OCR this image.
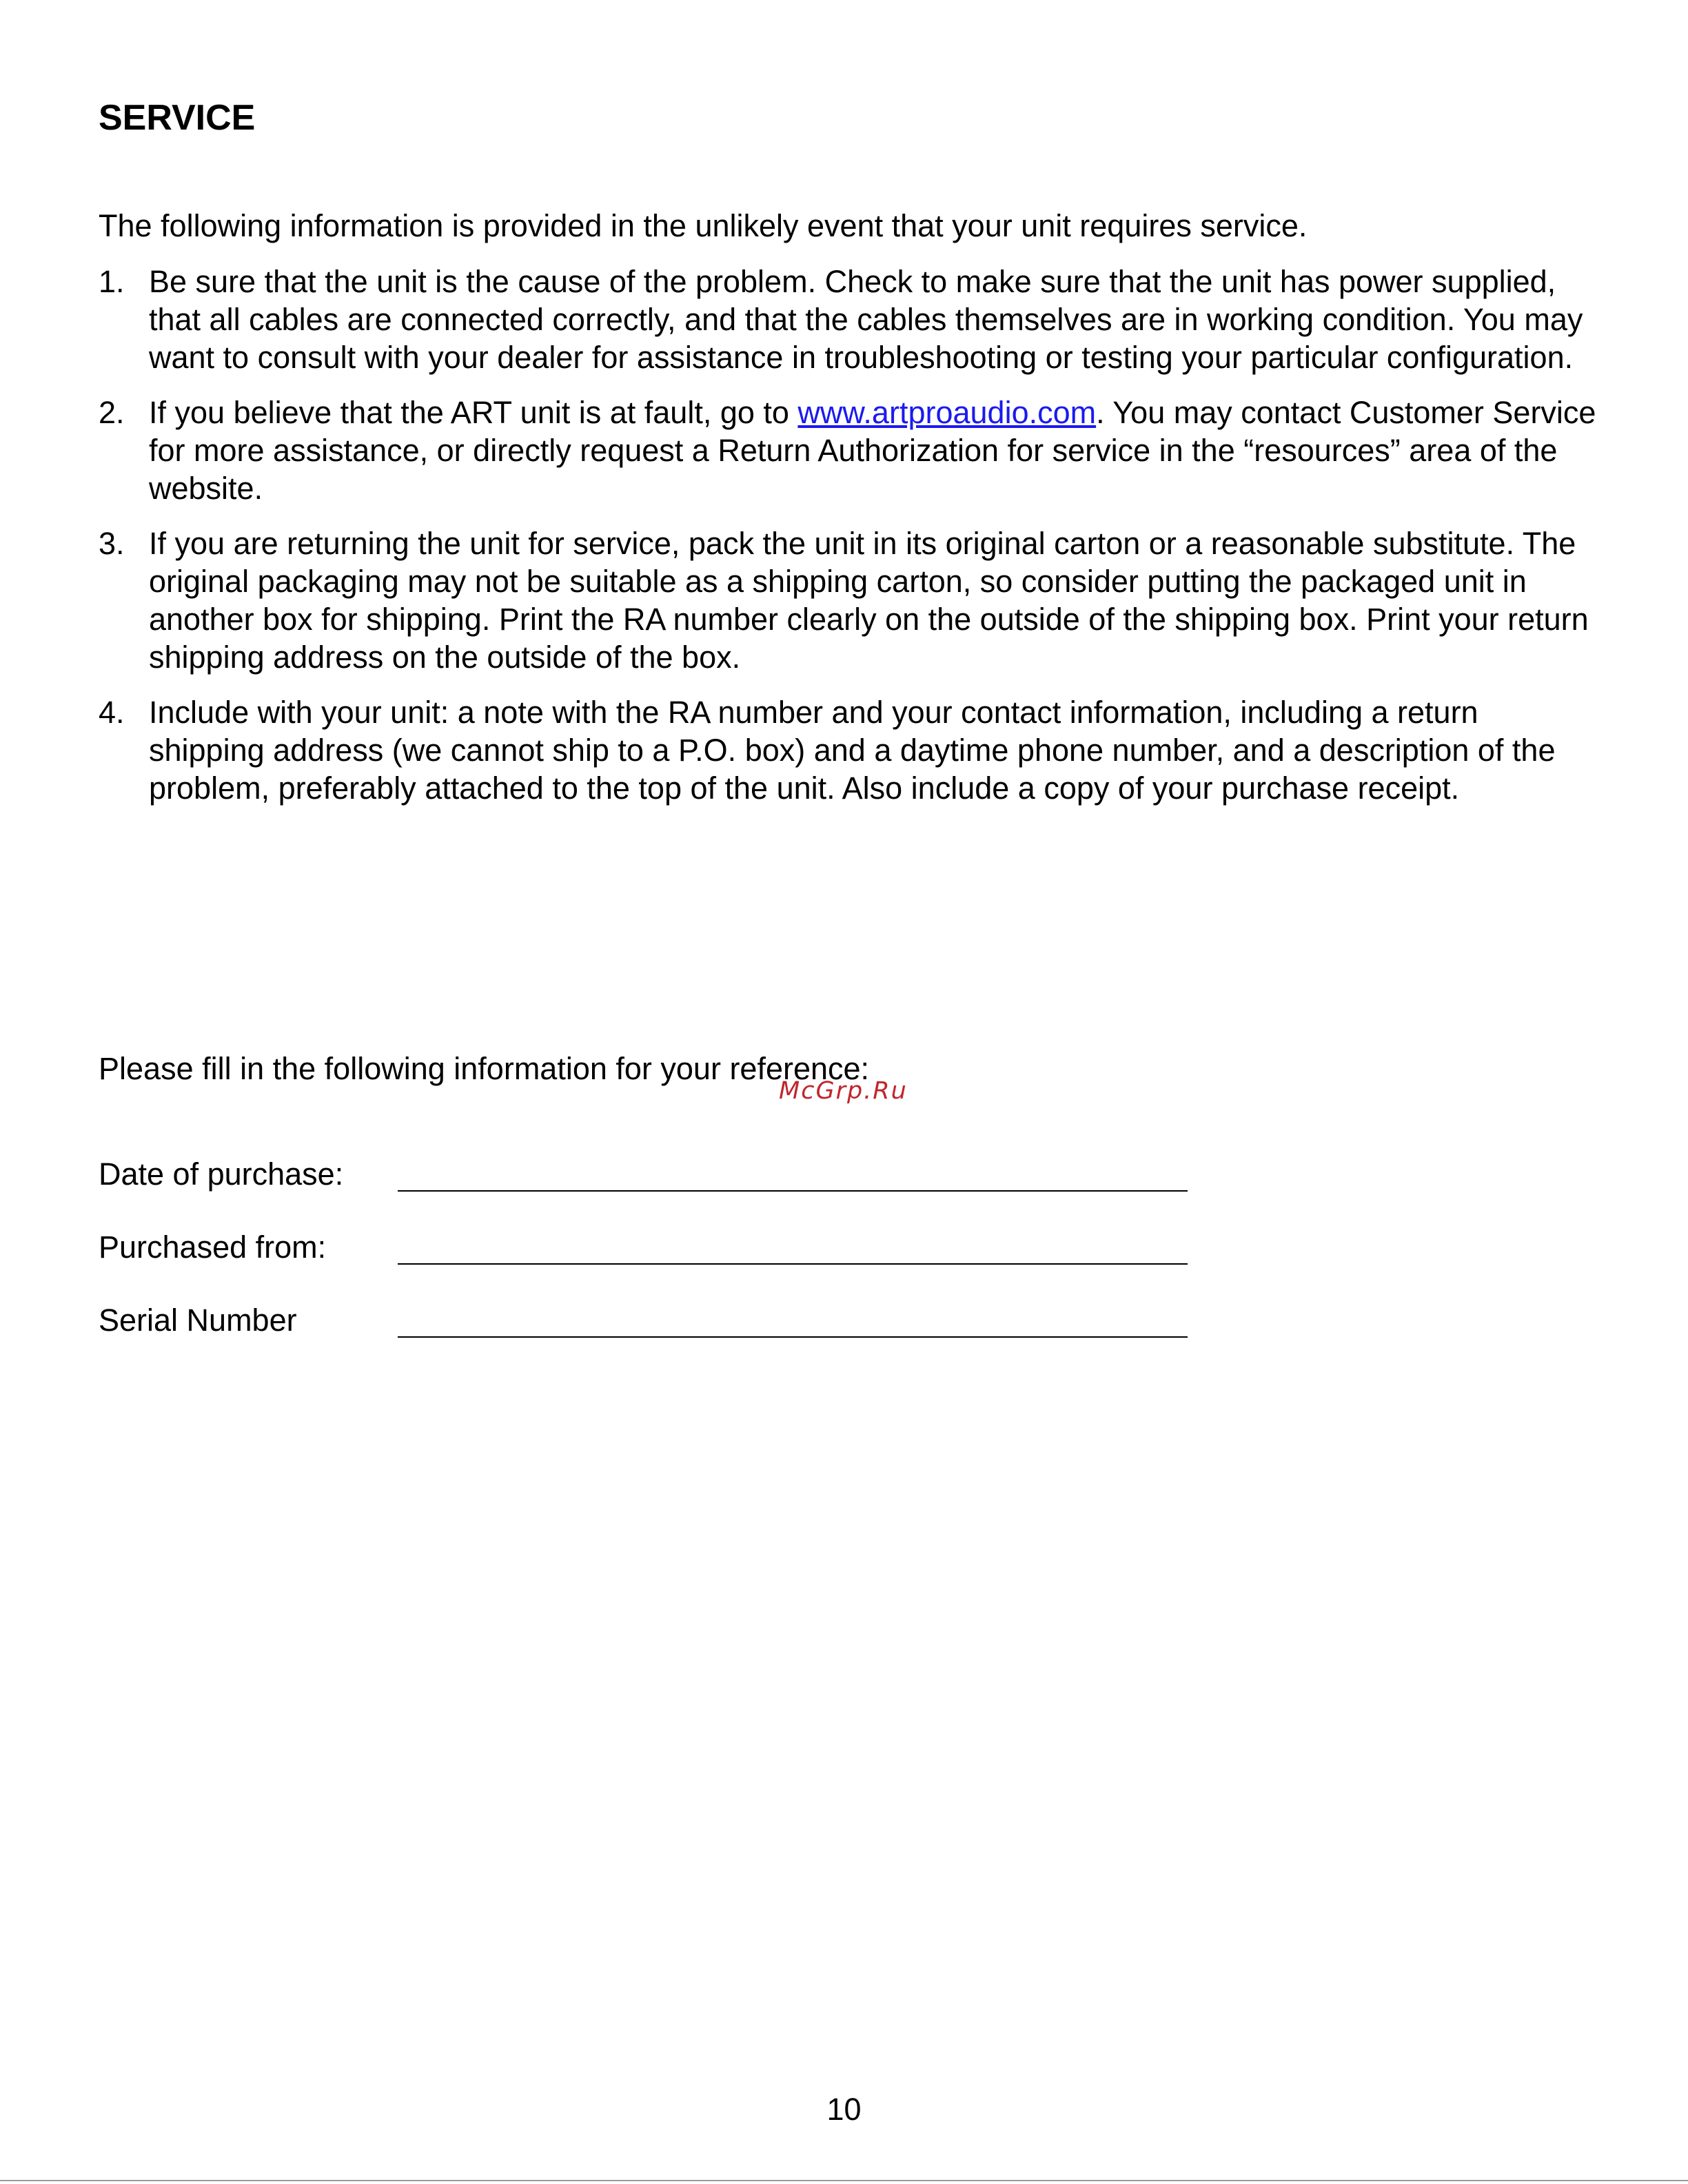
SERVICE

The following information is provided in the unlikely event that your unit requires service.

1. Be sure that the unit is the cause of the problem. Check to make sure that the unit has power supplied, that all cables are connected correctly, and that the cables themselves are in working condition. You may want to consult with your dealer for assistance in troubleshooting or testing your particular configuration.
2. If you believe that the ART unit is at fault, go to www.artproaudio.com. You may contact Customer Service for more assistance, or directly request a Return Authorization for service in the “resources” area of the website.
3. If you are returning the unit for service, pack the unit in its original carton or a reasonable substitute. The original packaging may not be suitable as a shipping carton, so consider putting the packaged unit in another box for shipping. Print the RA number clearly on the outside of the shipping box. Print your return shipping address on the outside of the box.
4. Include with your unit: a note with the RA number and your contact information, including a return shipping address (we cannot ship to a P.O. box) and a daytime phone number, and a description of the problem, preferably attached to the top of the unit. Also include a copy of your purchase receipt.

Please fill in the following information for your reference:

McGrp.Ru

Date of purchase:
Purchased from:
Serial Number

10
